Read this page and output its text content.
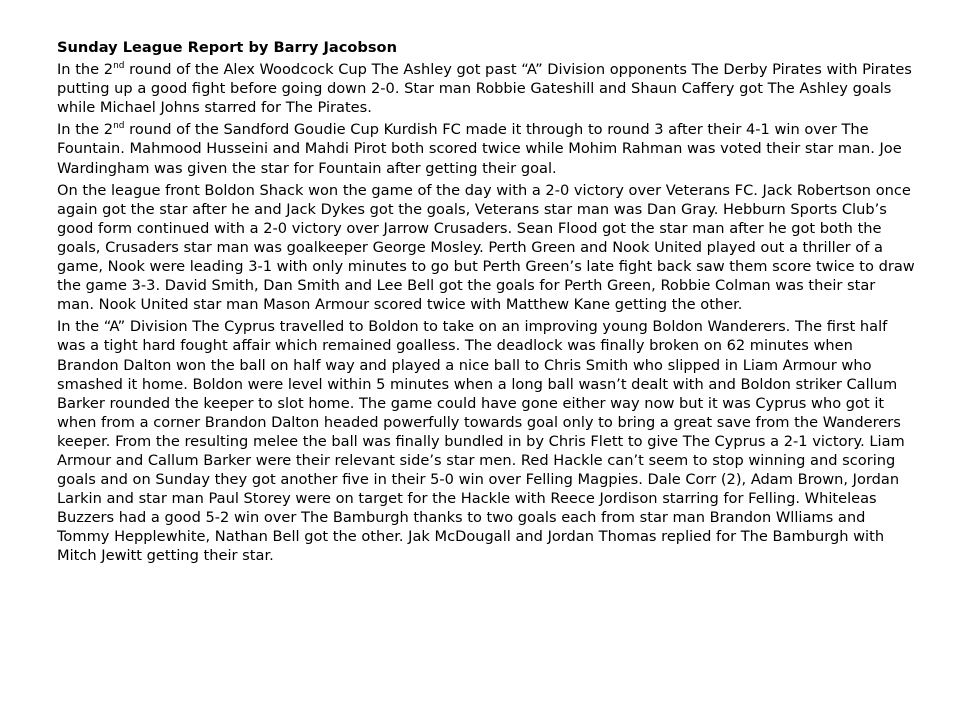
Sunday League Report by Barry Jacobson
In the 2nd round of the Alex Woodcock Cup The Ashley got past “A” Division opponents The Derby Pirates with Pirates putting up a good fight before going down 2-0. Star man Robbie Gateshill and Shaun Caffery got The Ashley goals while Michael Johns starred for The Pirates.
In the 2nd round of the Sandford Goudie Cup Kurdish FC made it through to round 3 after their 4-1 win over The Fountain. Mahmood Husseini and Mahdi Pirot both scored twice while Mohim Rahman was voted their star man. Joe Wardingham was given the star for Fountain after getting their goal.
On the league front Boldon Shack won the game of the day with a 2-0 victory over Veterans FC. Jack Robertson once again got the star after he and Jack Dykes got the goals, Veterans star man was Dan Gray. Hebburn Sports Club’s good form continued with a 2-0 victory over Jarrow Crusaders. Sean Flood got the star man after he got both the goals, Crusaders star man was goalkeeper George Mosley. Perth Green and Nook United played out a thriller of a game, Nook were leading 3-1 with only minutes to go but Perth Green’s late fight back saw them score twice to draw the game 3-3. David Smith, Dan Smith and Lee Bell got the goals for Perth Green, Robbie Colman was their star man. Nook United star man Mason Armour scored twice with Matthew Kane getting the other.
In the “A” Division The Cyprus travelled to Boldon to take on an improving young Boldon Wanderers. The first half was a tight hard fought affair which remained goalless. The deadlock was finally broken on 62 minutes when Brandon Dalton won the ball on half way and played a nice ball to Chris Smith who slipped in Liam Armour who smashed it home. Boldon were level within 5 minutes when a long ball wasn’t dealt with and Boldon striker Callum Barker rounded the keeper to slot home. The game could have gone either way now but it was Cyprus who got it when from a corner Brandon Dalton headed powerfully towards goal only to bring a great save from the Wanderers keeper. From the resulting melee the ball was finally bundled in by Chris Flett to give The Cyprus a 2-1 victory. Liam Armour and Callum Barker were their relevant side’s star men. Red Hackle can’t seem to stop winning and scoring goals and on Sunday they got another five in their 5-0 win over Felling Magpies. Dale Corr (2), Adam Brown, Jordan Larkin and star man Paul Storey were on target for the Hackle with Reece Jordison starring for Felling. Whiteleas Buzzers had a good 5-2 win over The Bamburgh thanks to two goals each from star man Brandon Wlliams and Tommy Hepplewhite, Nathan Bell got the other. Jak McDougall and Jordan Thomas replied for The Bamburgh with Mitch Jewitt getting their star.
